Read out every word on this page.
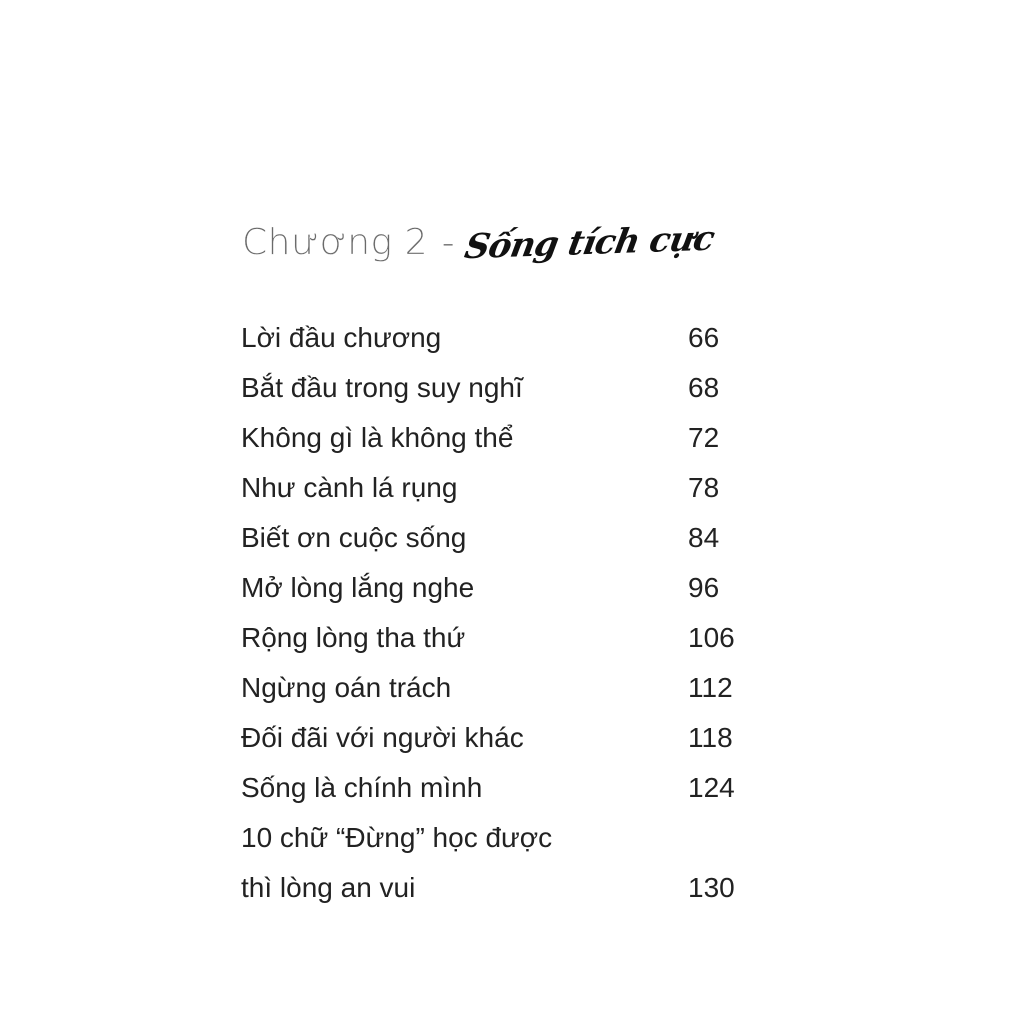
Chương 2 - Sống tích cực
Lời đầu chương	66
Bắt đầu trong suy nghĩ	68
Không gì là không thể	72
Như cành lá rụng	78
Biết ơn cuộc sống	84
Mở lòng lắng nghe	96
Rộng lòng tha thứ	106
Ngừng oán trách	112
Đối đãi với người khác	118
Sống là chính mình	124
10 chữ “Đừng” học được
thì lòng an vui	130
